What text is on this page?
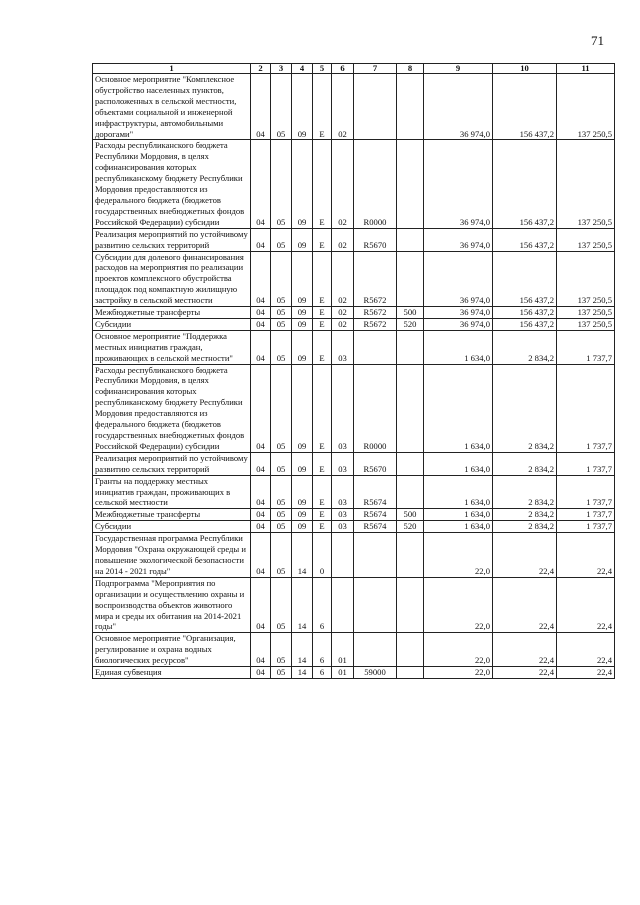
71
1	2	3	4	5	6	7	8	9	10	11
Основное мероприятие "Комплексное обустройство населенных пунктов, расположенных в сельской местности, объектами социальной и инженерной инфраструктуры, автомобильными дорогами"	04	05	09	Е	02			36 974,0	156 437,2	137 250,5
Расходы республиканского бюджета Республики Мордовия, в целях софинансирования которых республиканскому бюджету Республики Мордовия предоставляются из федерального бюджета (бюджетов государственных внебюджетных фондов Российской Федерации) субсидии	04	05	09	Е	02	R0000		36 974,0	156 437,2	137 250,5
Реализация мероприятий по устойчивому развитию сельских территорий	04	05	09	Е	02	R5670		36 974,0	156 437,2	137 250,5
Субсидии для долевого финансирования расходов на мероприятия по реализации проектов комплексного обустройства площадок под компактную жилищную застройку в сельской местности	04	05	09	Е	02	R5672		36 974,0	156 437,2	137 250,5
Межбюджетные трансферты	04	05	09	Е	02	R5672	500	36 974,0	156 437,2	137 250,5
Субсидии	04	05	09	Е	02	R5672	520	36 974,0	156 437,2	137 250,5
Основное мероприятие "Поддержка местных инициатив граждан, проживающих в сельской местности"	04	05	09	Е	03			1 634,0	2 834,2	1 737,7
Расходы республиканского бюджета Республики Мордовия, в целях софинансирования которых республиканскому бюджету Республики Мордовия предоставляются из федерального бюджета (бюджетов государственных внебюджетных фондов Российской Федерации) субсидии	04	05	09	Е	03	R0000		1 634,0	2 834,2	1 737,7
Реализация мероприятий по устойчивому развитию сельских территорий	04	05	09	Е	03	R5670		1 634,0	2 834,2	1 737,7
Гранты на поддержку местных инициатив граждан, проживающих в сельской местности	04	05	09	Е	03	R5674		1 634,0	2 834,2	1 737,7
Межбюджетные трансферты	04	05	09	Е	03	R5674	500	1 634,0	2 834,2	1 737,7
Субсидии	04	05	09	Е	03	R5674	520	1 634,0	2 834,2	1 737,7
Государственная программа Республики Мордовия "Охрана окружающей среды и повышение экологической безопасности на 2014 - 2021 годы"	04	05	14	0				22,0	22,4	22,4
Подпрограмма "Мероприятия по организации и осуществлению охраны и воспроизводства объектов животного мира и среды их обитания на 2014-2021 годы"	04	05	14	6				22,0	22,4	22,4
Основное мероприятие "Организация, регулирование и охрана водных биологических ресурсов"	04	05	14	6	01			22,0	22,4	22,4
Единая субвенция	04	05	14	6	01	59000		22,0	22,4	22,4
